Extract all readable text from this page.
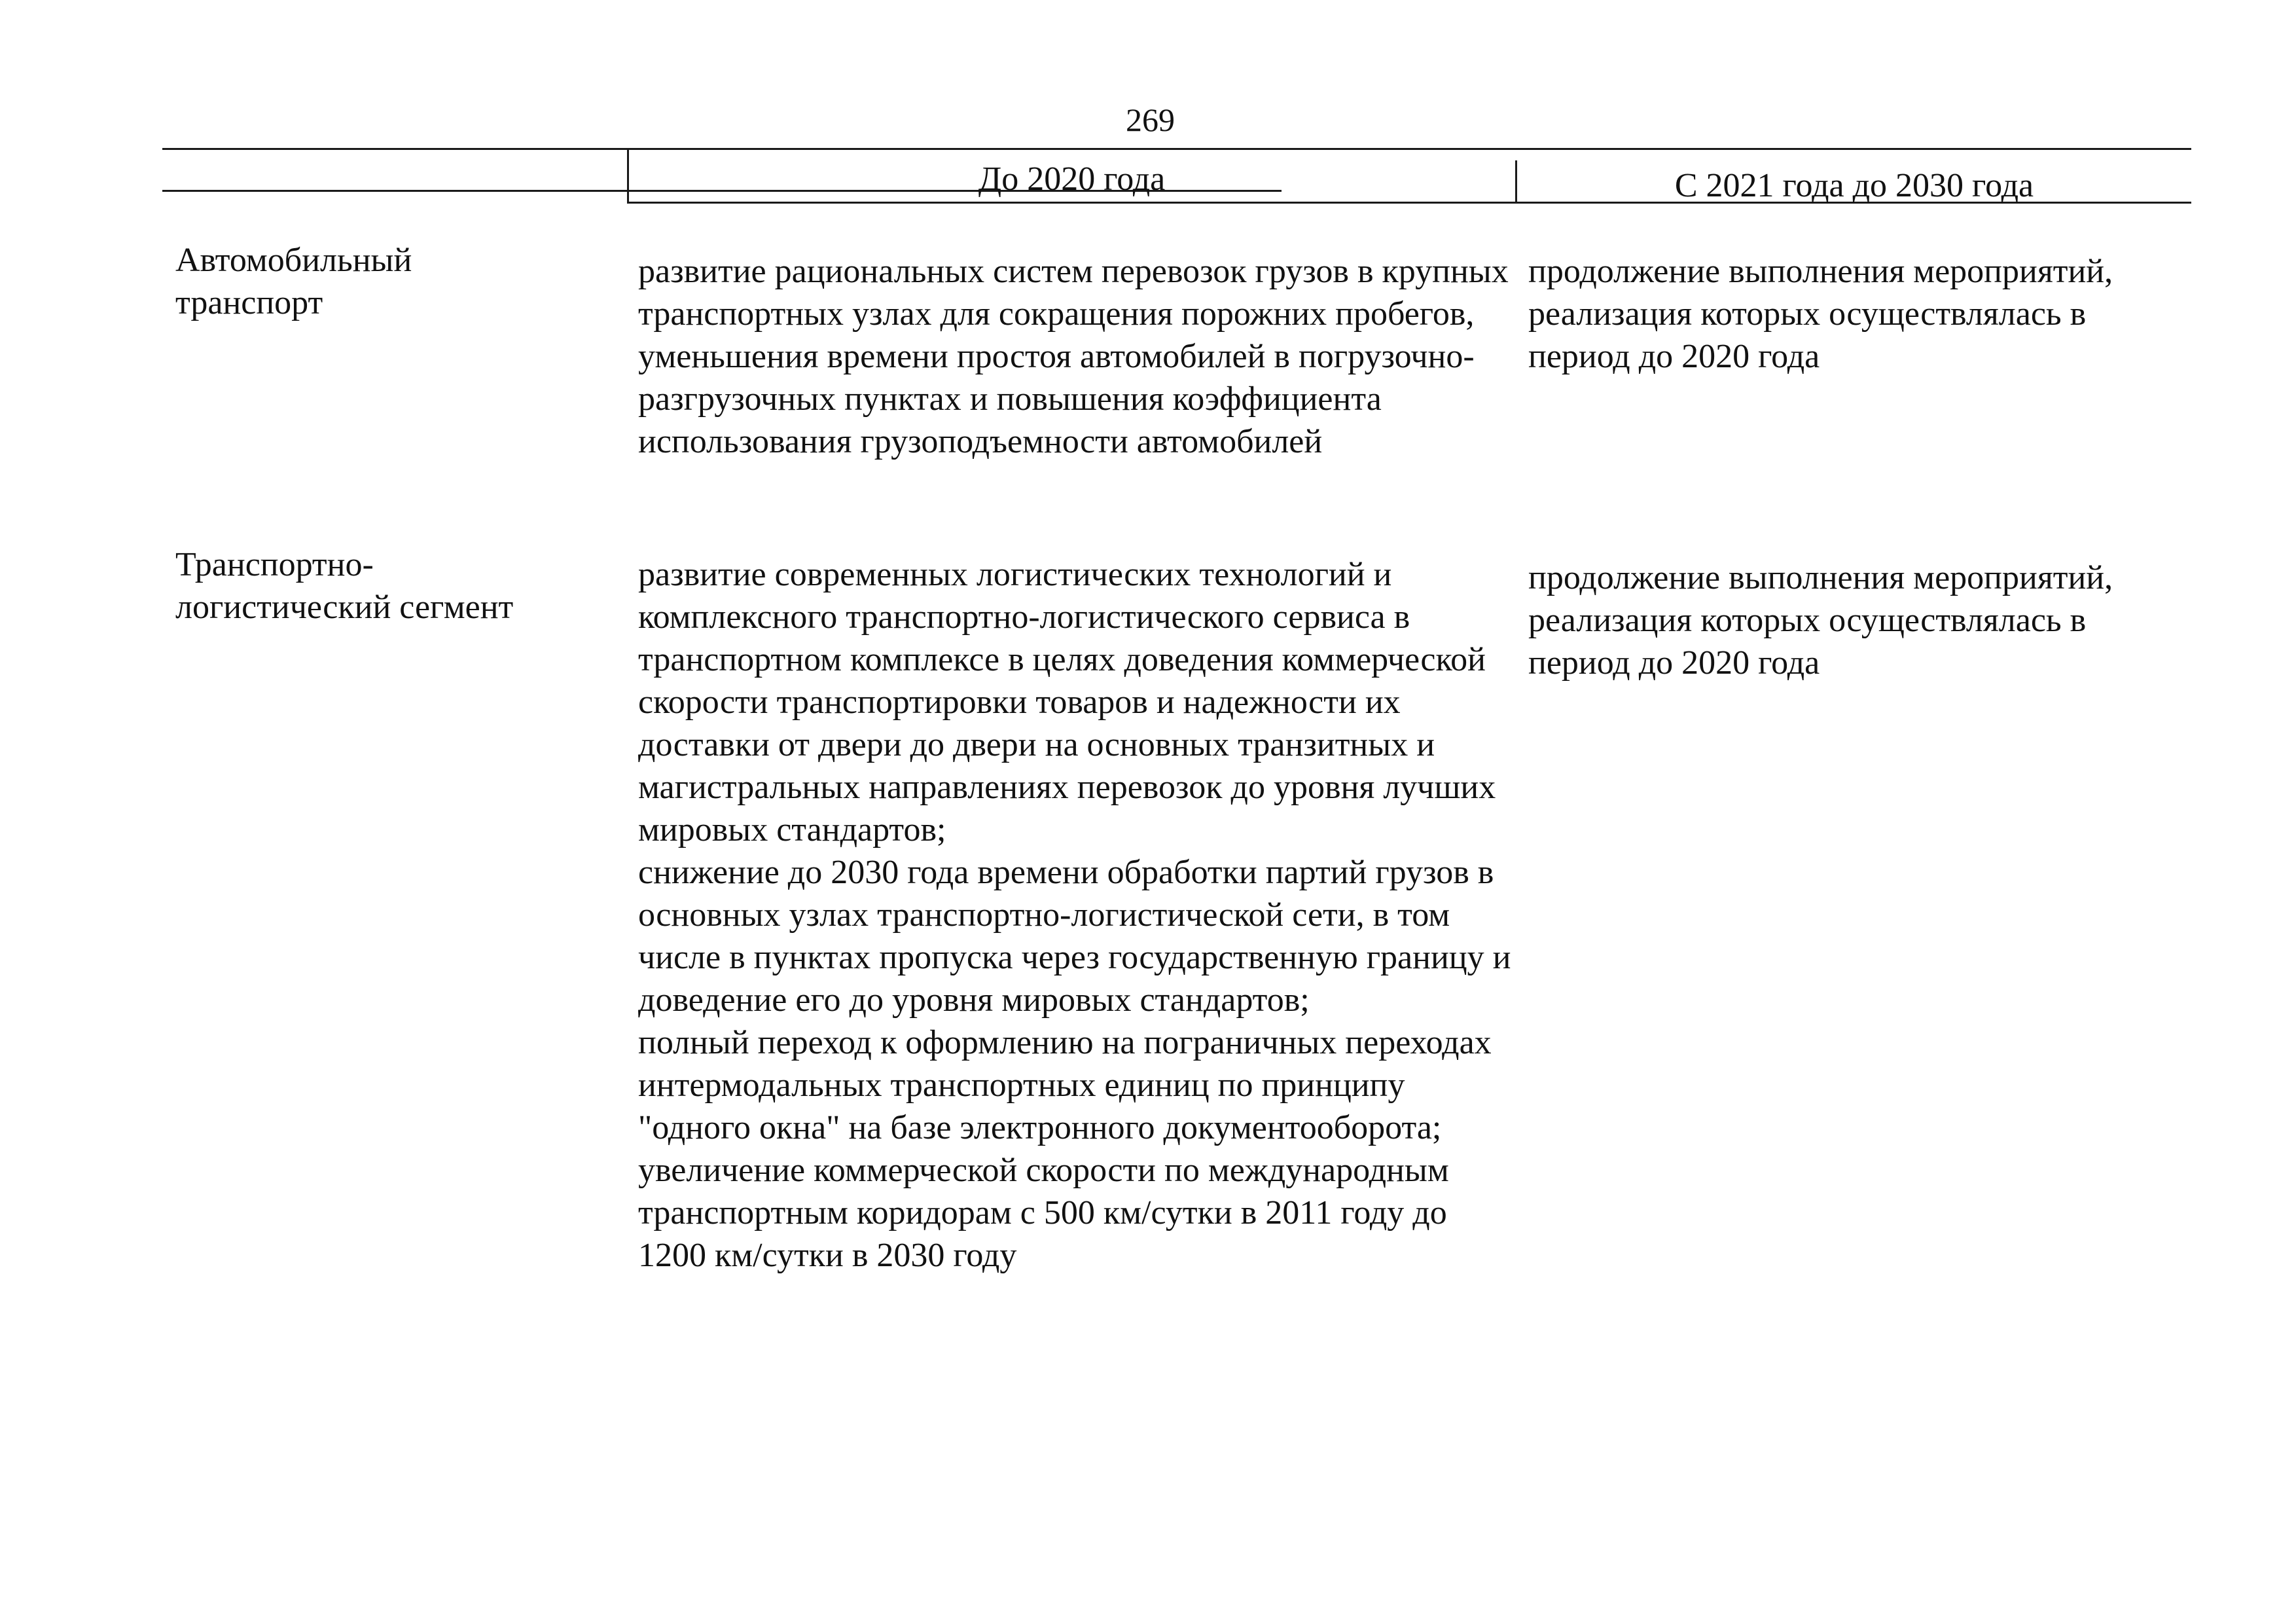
269
До 2020 года	С 2021 года до 2030 года
Автомобильный транспорт
развитие рациональных систем перевозок грузов в крупных транспортных узлах для сокращения порожних пробегов, уменьшения времени простоя автомобилей в погрузочно-разгрузочных пунктах и повышения коэффициента использования грузоподъемности автомобилей
продолжение выполнения мероприятий, реализация которых осуществлялась в период до 2020 года
Транспортно-логистический сегмент
развитие современных логистических технологий и комплексного транспортно-логистического сервиса в транспортном комплексе в целях доведения коммерческой скорости транспортировки товаров и надежности их доставки от двери до двери на основных транзитных и магистральных направлениях перевозок до уровня лучших мировых стандартов;
снижение до 2030 года времени обработки партий грузов в основных узлах транспортно-логистической сети, в том числе в пунктах пропуска через государственную границу и доведение его до уровня мировых стандартов;
полный переход к оформлению на пограничных переходах интермодальных транспортных единиц по принципу "одного окна" на базе электронного документооборота;
увеличение коммерческой скорости по международным транспортным коридорам с 500 км/сутки в 2011 году до 1200 км/сутки в 2030 году
продолжение выполнения мероприятий, реализация которых осуществлялась в период до 2020 года
